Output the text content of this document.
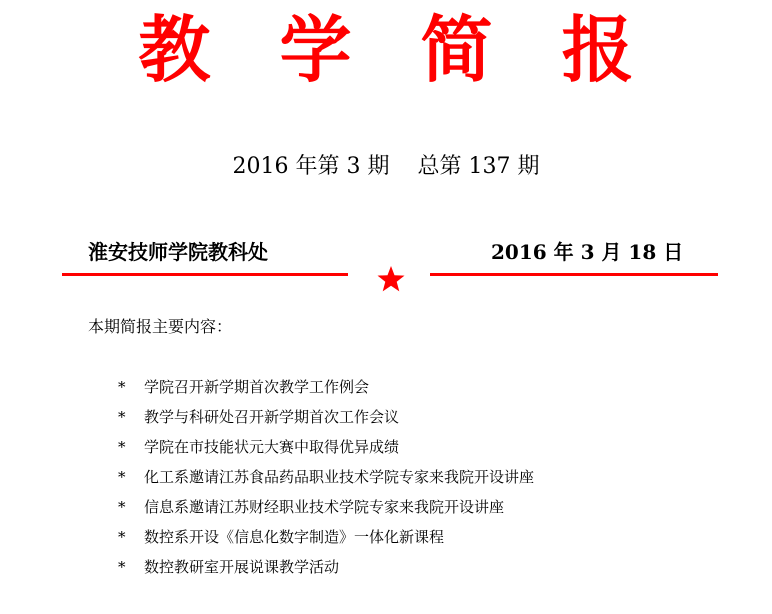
教 学 简 报
2016 年第 3 期 总第 137 期
淮安技师学院教科处	2016 年 3 月 18 日
本期简报主要内容：
* 学院召开新学期首次教学工作例会
* 教学与科研处召开新学期首次工作会议
* 学院在市技能状元大赛中取得优异成绩
* 化工系邀请江苏食品药品职业技术学院专家来我院开设讲座
* 信息系邀请江苏财经职业技术学院专家来我院开设讲座
* 数控系开设《信息化数字制造》一体化新课程
* 数控教研室开展说课教学活动
